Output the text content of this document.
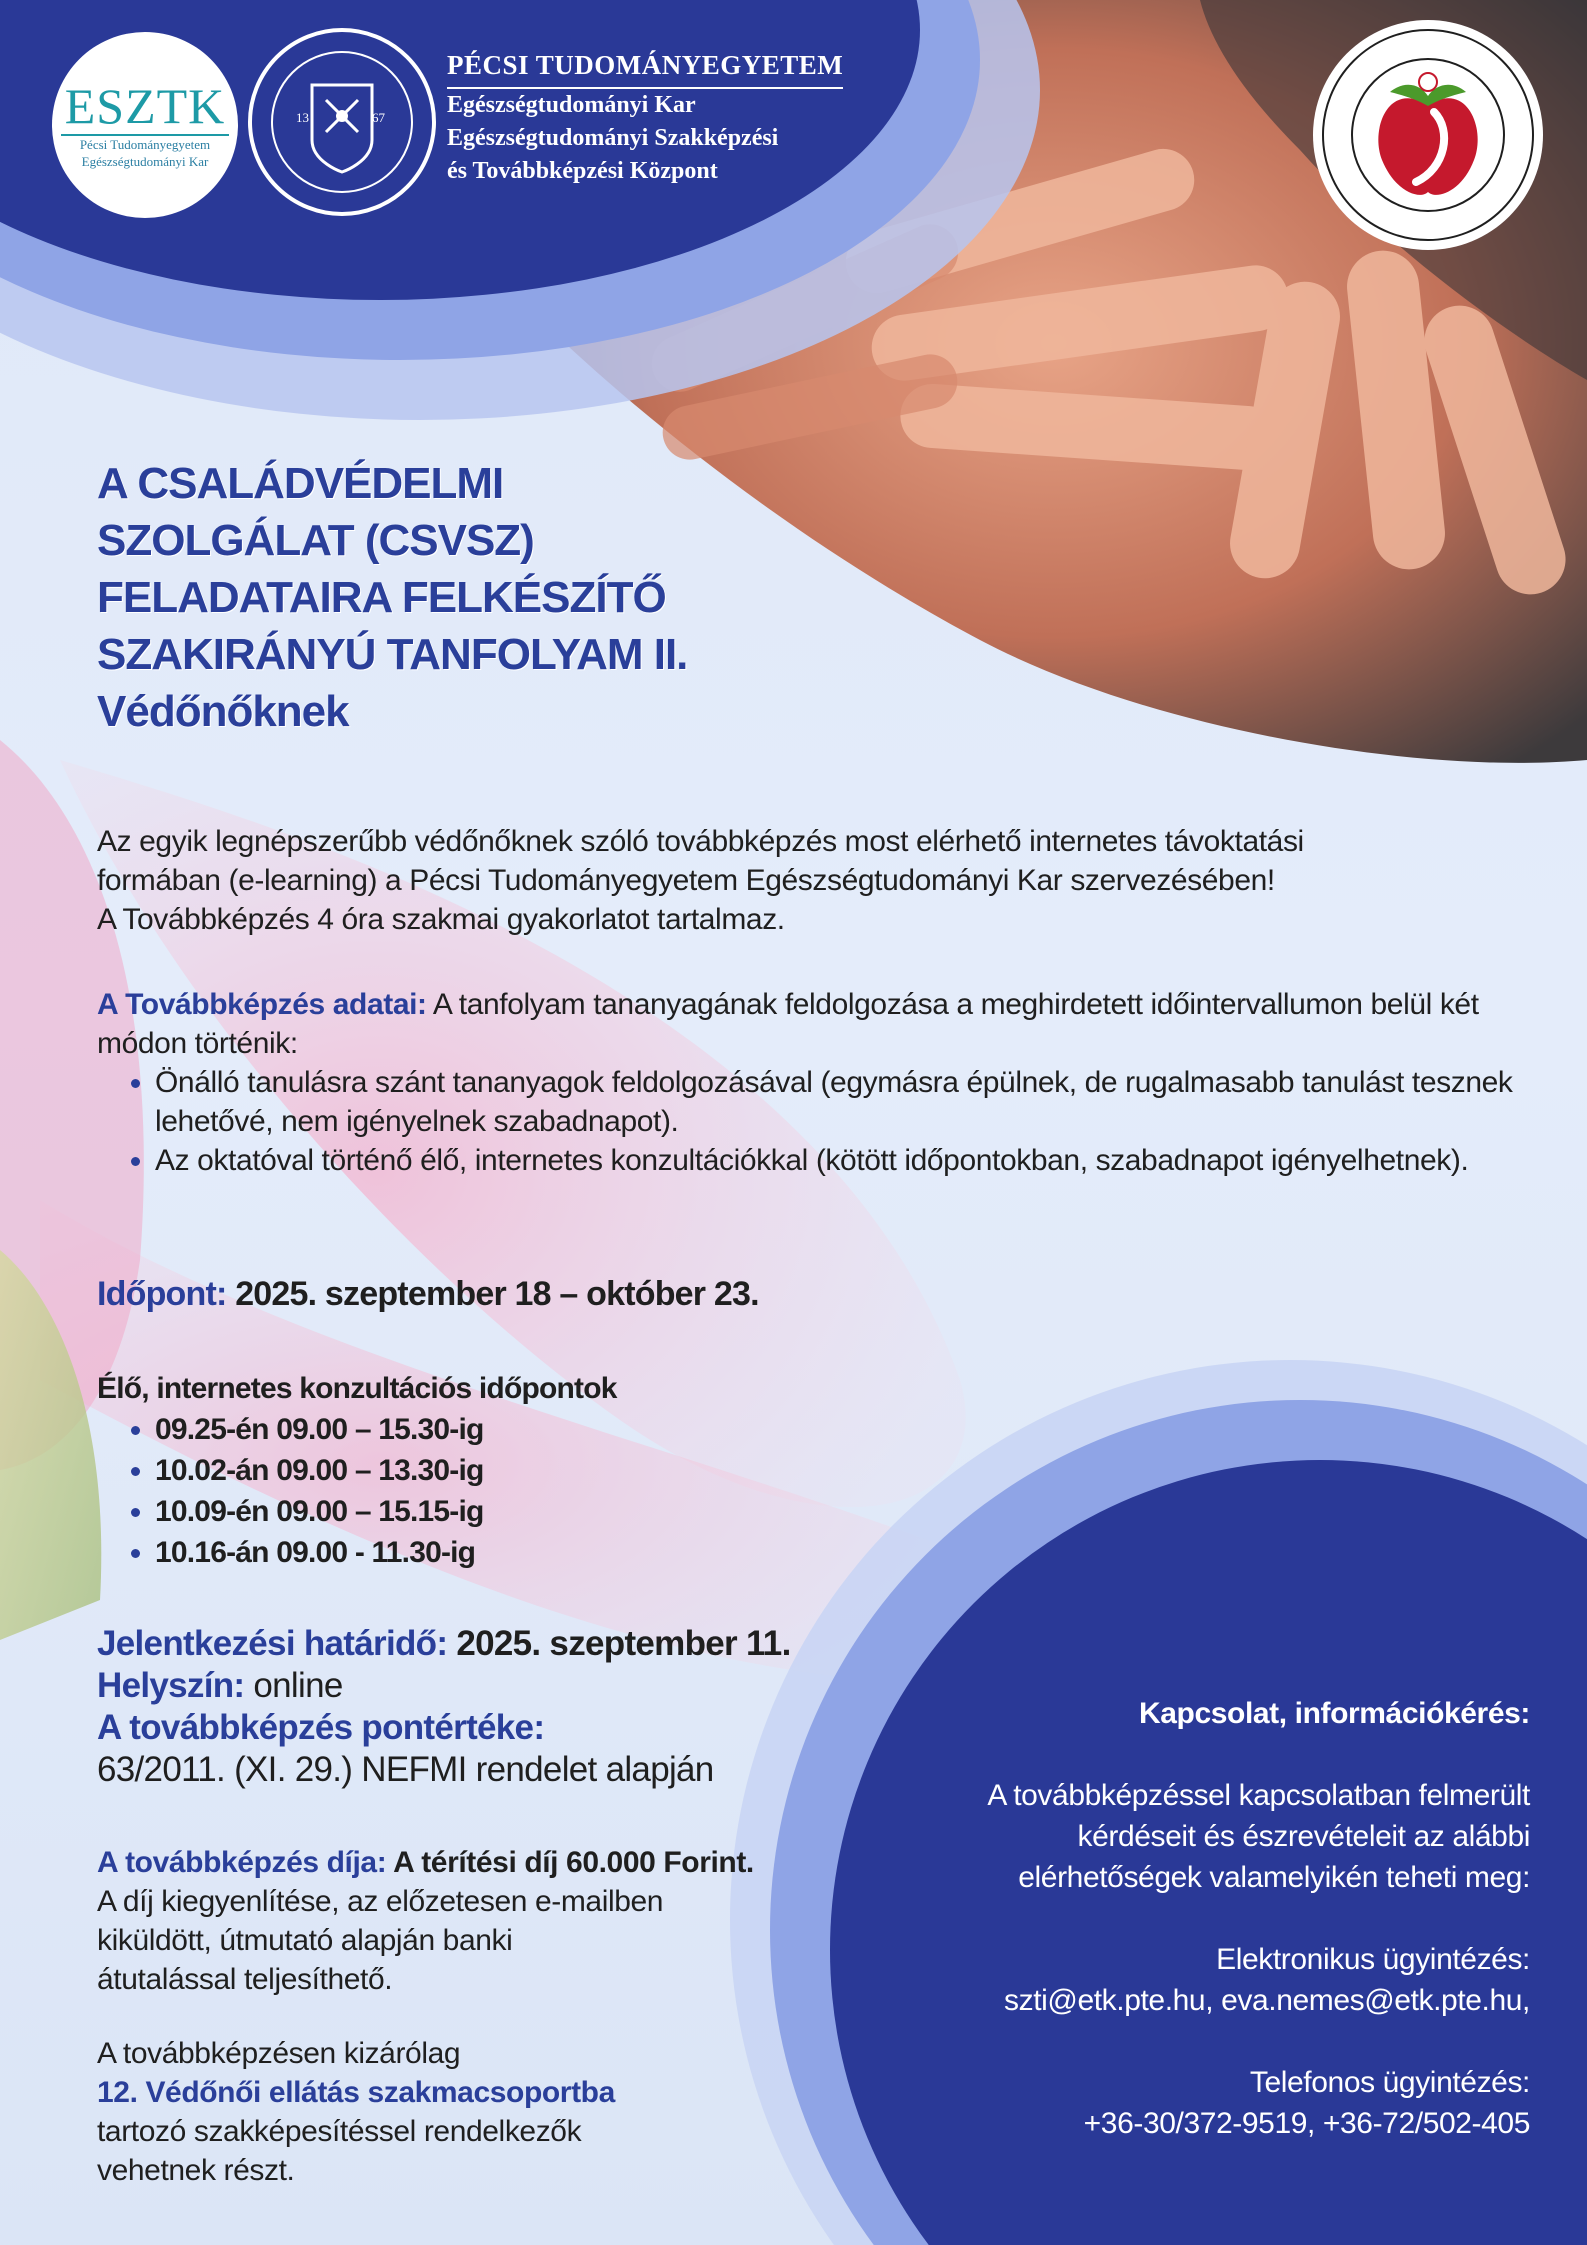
ESZTK
Pécsi Tudományegyetem
Egészségtudományi Kar
13	67
PÉCSI TUDOMÁNYEGYETEM
Egészségtudományi Kar
Egészségtudományi Szakképzési
és Továbbképzési Központ
A CSALÁDVÉDELMI
SZOLGÁLAT (CSVSZ)
FELADATAIRA FELKÉSZÍTŐ
SZAKIRÁNYÚ TANFOLYAM II.
Védőnőknek
Az egyik legnépszerűbb védőnőknek szóló továbbképzés most elérhető internetes távoktatási
formában (e-learning) a Pécsi Tudományegyetem Egészségtudományi Kar szervezésében!
A Továbbképzés 4 óra szakmai gyakorlatot tartalmaz.
A Továbbképzés adatai: A tanfolyam tananyagának feldolgozása a meghirdetett időintervallumon belül két módon történik:
• Önálló tanulásra szánt tananyagok feldolgozásával (egymásra épülnek, de rugalmasabb tanulást tesznek lehetővé, nem igényelnek szabadnapot).
• Az oktatóval történő élő, internetes konzultációkkal (kötött időpontokban, szabadnapot igényelhetnek).
Időpont: 2025. szeptember 18 – október 23.
Élő, internetes konzultációs időpontok
• 09.25-én 09.00 – 15.30-ig
• 10.02-án 09.00 – 13.30-ig
• 10.09-én 09.00 – 15.15-ig
• 10.16-án 09.00 - 11.30-ig
Jelentkezési határidő: 2025. szeptember 11.
Helyszín: online
A továbbképzés pontértéke:
63/2011. (XI. 29.) NEFMI rendelet alapján
A továbbképzés díja: A térítési díj 60.000 Forint.
A díj kiegyenlítése, az előzetesen e-mailben
kiküldött, útmutató alapján banki
átutalással teljesíthető.
A továbbképzésen kizárólag
12. Védőnői ellátás szakmacsoportba
tartozó szakképesítéssel rendelkezők
vehetnek részt.
Kapcsolat, információkérés:
A továbbképzéssel kapcsolatban felmerült
kérdéseit és észrevételeit az alábbi
elérhetőségek valamelyikén teheti meg:
Elektronikus ügyintézés:
szti@etk.pte.hu, eva.nemes@etk.pte.hu,
Telefonos ügyintézés:
+36-30/372-9519, +36-72/502-405
